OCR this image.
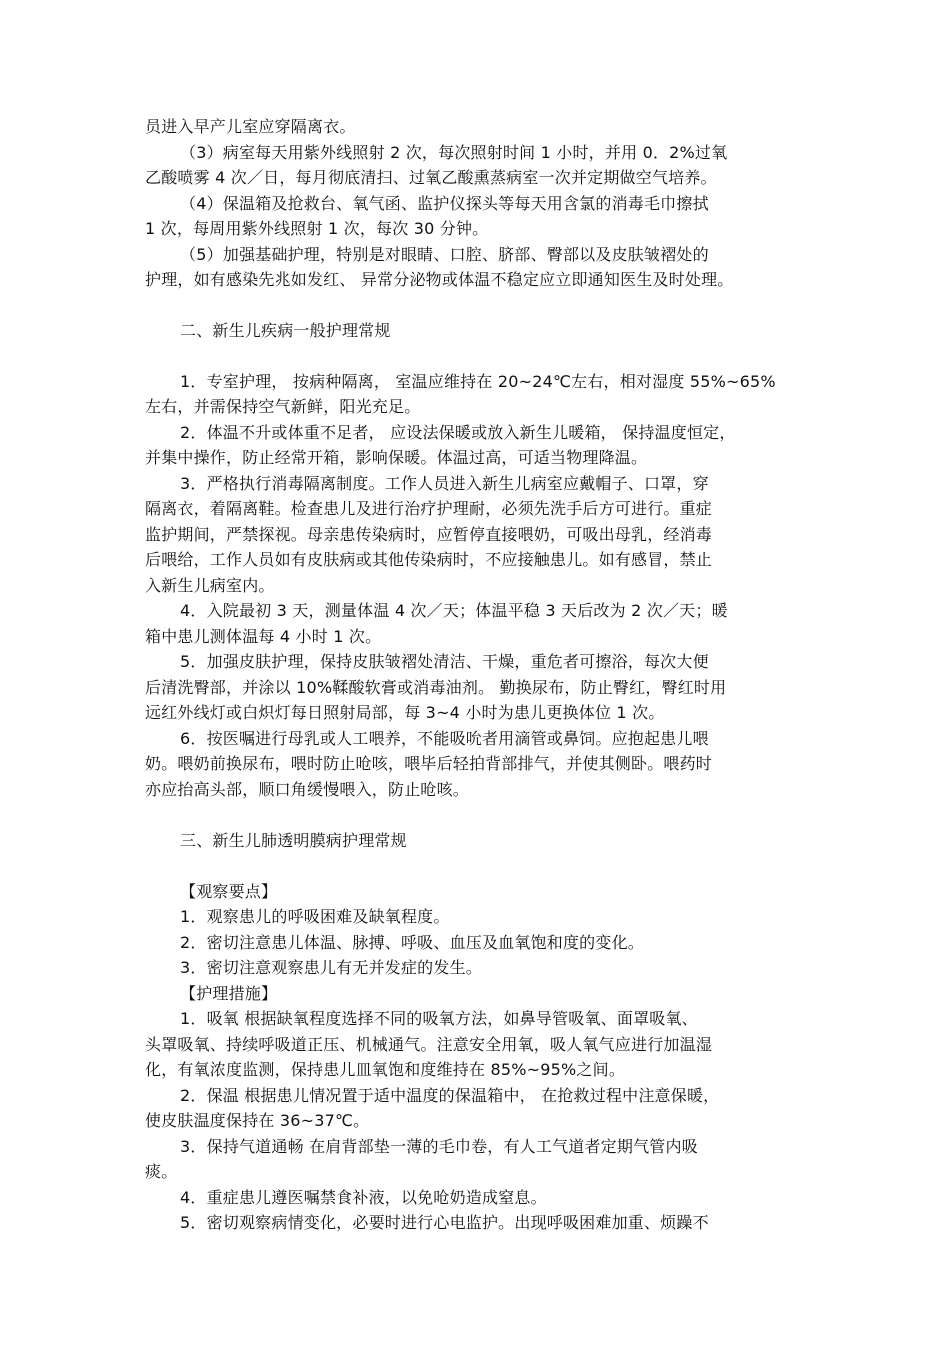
员进入早产儿室应穿隔离衣。
（3）病室每天用紫外线照射 2 次，每次照射时间 1 小时，并用 0．2%过氧
乙酸喷雾 4 次／日，每月彻底清扫、过氧乙酸熏蒸病室一次并定期做空气培养。
（4）保温箱及抢救台、氧气函、监护仪探头等每天用含氯的消毒毛巾擦拭
1 次，每周用紫外线照射 1 次，每次 30 分钟。
（5）加强基础护理，特别是对眼睛、口腔、脐部、臀部以及皮肤皱褶处的
护理，如有感染先兆如发红、 异常分泌物或体温不稳定应立即通知医生及时处理。
二、新生儿疾病一般护理常规
1．专室护理， 按病种隔离， 室温应维持在 20~24℃左右，相对湿度 55%~65%
左右，并需保持空气新鲜，阳光充足。
2．体温不升或体重不足者， 应设法保暖或放入新生儿暖箱， 保持温度恒定，
并集中操作，防止经常开箱，影响保暖。体温过高，可适当物理降温。
3．严格执行消毒隔离制度。工作人员进入新生儿病室应戴帽子、口罩，穿
隔离衣，着隔离鞋。检查患儿及进行治疗护理耐，必须先洗手后方可进行。重症
监护期间，严禁探视。母亲患传染病时，应暂停直接喂奶，可吸出母乳，经消毒
后喂给，工作人员如有皮肤病或其他传染病时，不应接触患儿。如有感冒，禁止
入新生儿病室内。
4．入院最初 3 天，测量体温 4 次／天；体温平稳 3 天后改为 2 次／天；暖
箱中患儿测体温每 4 小时 1 次。
5．加强皮肤护理，保持皮肤皱褶处清洁、干燥，重危者可擦浴，每次大便
后清洗臀部，并涂以 10%鞣酸软膏或消毒油剂。 勤换尿布，防止臀红，臀红时用
远红外线灯或白炽灯每日照射局部，每 3~4 小时为患儿更换体位 1 次。
6．按医嘱进行母乳或人工喂养，不能吸吮者用滴管或鼻饲。应抱起患儿喂
奶。喂奶前换尿布，喂时防止呛咳，喂毕后轻拍背部排气，并使其侧卧。喂药时
亦应抬高头部，顺口角缓慢喂入，防止呛咳。
三、新生儿肺透明膜病护理常规
【观察要点】
1．观察患儿的呼吸困难及缺氧程度。
2．密切注意患儿体温、脉搏、呼吸、血压及血氧饱和度的变化。
3．密切注意观察患儿有无并发症的发生。
【护理措施】
1．吸氧 根据缺氧程度选择不同的吸氧方法，如鼻导管吸氧、面罩吸氧、
头罩吸氧、持续呼吸道正压、机械通气。注意安全用氧，吸人氧气应进行加温湿
化，有氧浓度监测，保持患儿皿氧饱和度维持在 85%~95%之间。
2．保温 根据患儿情况置于适中温度的保温箱中， 在抢救过程中注意保暖，
使皮肤温度保持在 36~37℃。
3．保持气道通畅 在肩背部垫一薄的毛巾卷，有人工气道者定期气管内吸
痰。
4．重症患儿遵医嘱禁食补液，以免呛奶造成窒息。
5．密切观察病情变化，必要时进行心电监护。出现呼吸困难加重、烦躁不
